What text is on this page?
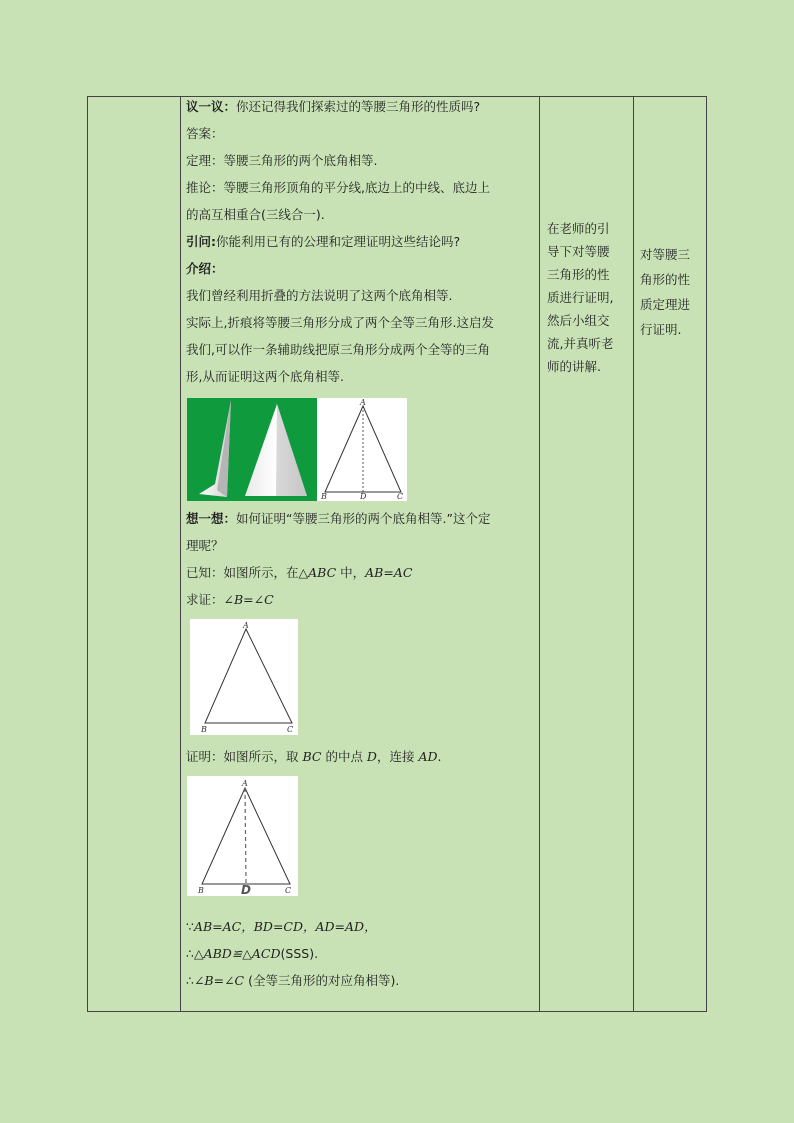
议一议：你还记得我们探索过的等腰三角形的性质吗?
答案：
定理：等腰三角形的两个底角相等.
推论：等腰三角形顶角的平分线,底边上的中线、底边上
的高互相重合(三线合一).
引问:你能利用已有的公理和定理证明这些结论吗?
介绍：
我们曾经利用折叠的方法说明了这两个底角相等.
实际上,折痕将等腰三角形分成了两个全等三角形.这启发
我们,可以作一条辅助线把原三角形分成两个全等的三角
形,从而证明这两个底角相等.
A
B	D	C
想一想：如何证明“等腰三角形的两个底角相等.”这个定
理呢？
已知：如图所示，在△ABC 中，AB=AC
求证：∠B=∠C
A
B	C
证明：如图所示，取 BC 的中点 D，连接 AD.
A
B	D	C
∵AB=AC，BD=CD，AD=AD，
∴△ABD≌△ACD(SSS).
∴∠B=∠C (全等三角形的对应角相等).
在老师的引
导下对等腰
三角形的性
质进行证明,
然后小组交
流,并真听老
师的讲解.
对等腰三
角形的性
质定理进
行证明.
